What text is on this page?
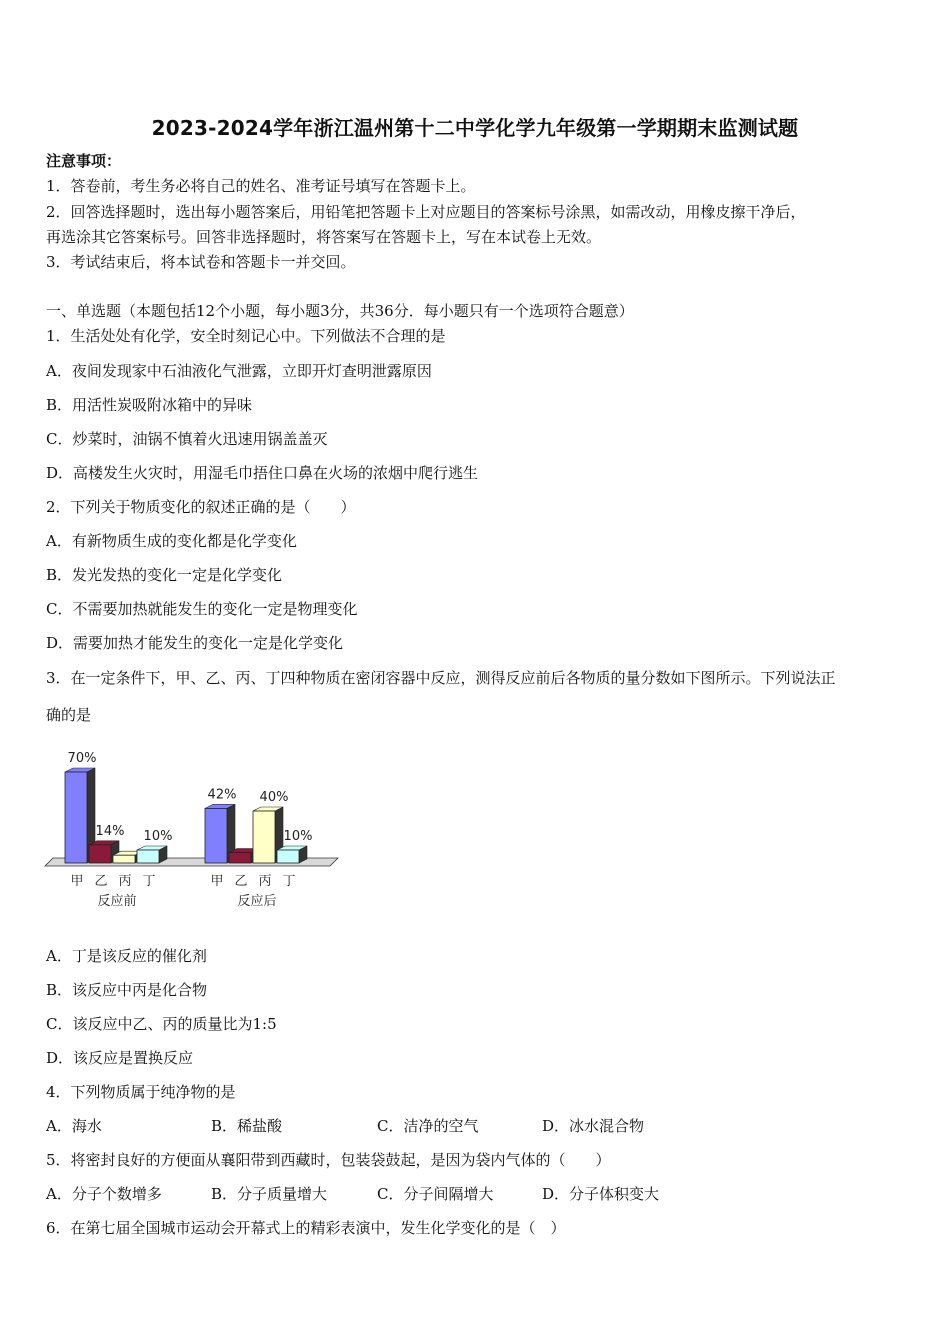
2023-2024学年浙江温州第十二中学化学九年级第一学期期末监测试题
注意事项：
1．答卷前，考生务必将自己的姓名、准考证号填写在答题卡上。
2．回答选择题时，选出每小题答案后，用铅笔把答题卡上对应题目的答案标号涂黑，如需改动，用橡皮擦干净后，
再选涂其它答案标号。回答非选择题时，将答案写在答题卡上，写在本试卷上无效。
3．考试结束后，将本试卷和答题卡一并交回。
一、单选题（本题包括12个小题，每小题3分，共36分．每小题只有一个选项符合题意）
1．生活处处有化学，安全时刻记心中。下列做法不合理的是
A．夜间发现家中石油液化气泄露，立即开灯查明泄露原因
B．用活性炭吸附冰箱中的异味
C．炒菜时，油锅不慎着火迅速用锅盖盖灭
D．高楼发生火灾时，用湿毛巾捂住口鼻在火场的浓烟中爬行逃生
2．下列关于物质变化的叙述正确的是（　　）
A．有新物质生成的变化都是化学变化
B．发光发热的变化一定是化学变化
C．不需要加热就能发生的变化一定是物理变化
D．需要加热才能发生的变化一定是化学变化
3．在一定条件下，甲、乙、丙、丁四种物质在密闭容器中反应，测得反应前后各物质的量分数如下图所示。下列说法正
确的是
70%
甲
14%
乙 丙
10%
丁
反应前
42%
甲 乙
40%
丙
10%
丁
反应后
A．丁是该反应的催化剂
B．该反应中丙是化合物
C．该反应中乙、丙的质量比为1:5
D．该反应是置换反应
4．下列物质属于纯净物的是
A．海水	B．稀盐酸	C．洁净的空气	D．冰水混合物
5．将密封良好的方便面从襄阳带到西藏时，包装袋鼓起，是因为袋内气体的（　　）
A．分子个数增多	B．分子质量增大	C．分子间隔增大	D．分子体积变大
6．在第七届全国城市运动会开幕式上的精彩表演中，发生化学变化的是（　）
